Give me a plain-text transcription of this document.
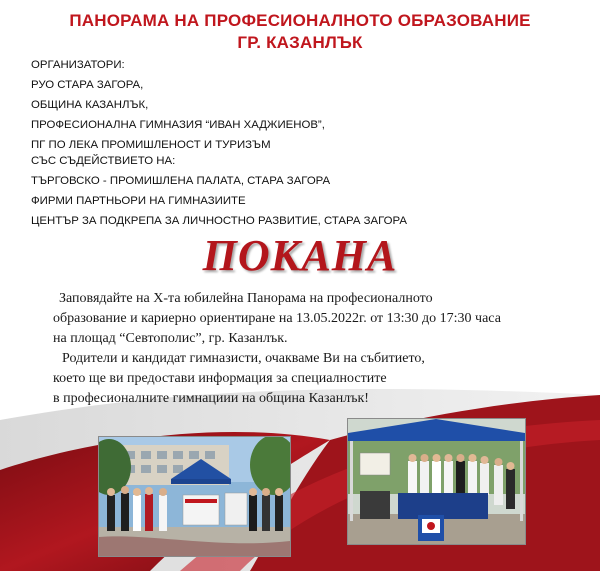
ПАНОРАМА НА ПРОФЕСИОНАЛНОТО ОБРАЗОВАНИЕ
ГР. КАЗАНЛЪК
ОРГАНИЗАТОРИ:
РУО СТАРА ЗАГОРА,
ОБЩИНА КАЗАНЛЪК,
ПРОФЕСИОНАЛНА ГИМНАЗИЯ “ИВАН ХАДЖИЕНОВ”,
ПГ ПО ЛЕКА ПРОМИШЛЕНОСТ И ТУРИЗЪМ
СЪС СЪДЕЙСТВИЕТО НА:
ТЪРГОВСКО - ПРОМИШЛЕНА ПАЛАТА, СТАРА ЗАГОРА
ФИРМИ ПАРТНЬОРИ НА ГИМНАЗИИТЕ
ЦЕНТЪР ЗА ПОДКРЕПА ЗА ЛИЧНОСТНО РАЗВИТИЕ, СТАРА ЗАГОРА
ПОКАНА
Заповядайте на Х-та юбилейна Панорама на професионалното
образование и кариерно ориентиране на 13.05.2022г. от 13:30 до 17:30 часа
на площад “Севтополис”, гр. Казанлък.
Родители и кандидат гимназисти, очакваме Ви на събитието,
което ще ви предостави информация за специалностите
в професионалните гимнациии на община Казанлък!
